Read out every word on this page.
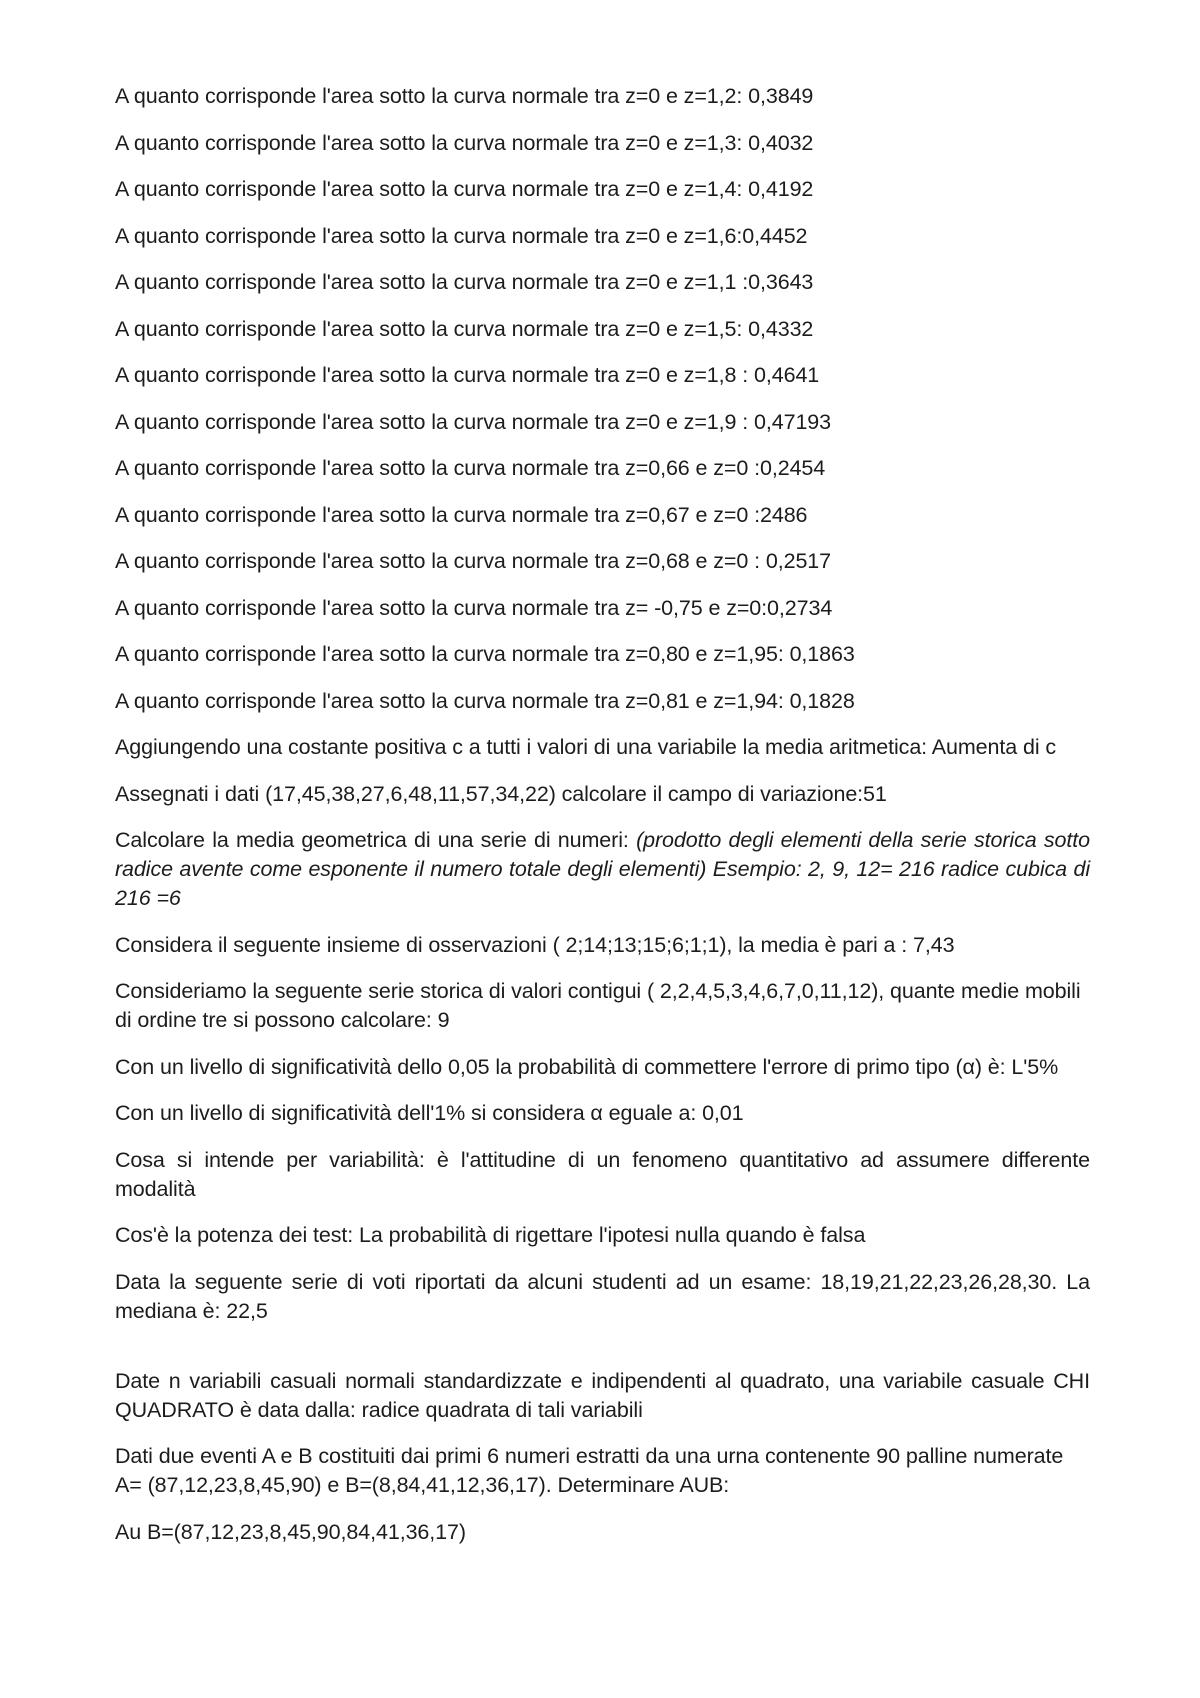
A quanto corrisponde l'area sotto la curva normale tra z=0 e z=1,2: 0,3849

A quanto corrisponde l'area sotto la curva normale tra z=0 e z=1,3: 0,4032

A quanto corrisponde l'area sotto la curva normale tra z=0 e z=1,4: 0,4192

A quanto corrisponde l'area sotto la curva normale tra z=0 e z=1,6:0,4452

A quanto corrisponde l'area sotto la curva normale tra z=0 e z=1,1 :0,3643

A quanto corrisponde l'area sotto la curva normale tra z=0 e z=1,5: 0,4332

A quanto corrisponde l'area sotto la curva normale tra z=0 e z=1,8 : 0,4641

A quanto corrisponde l'area sotto la curva normale tra z=0 e z=1,9 : 0,47193

A quanto corrisponde l'area sotto la curva normale tra z=0,66 e z=0 :0,2454

A quanto corrisponde l'area sotto la curva normale tra z=0,67 e z=0 :2486

A quanto corrisponde l'area sotto la curva normale tra z=0,68 e z=0 : 0,2517

A quanto corrisponde l'area sotto la curva normale tra z= -0,75 e z=0:0,2734

A quanto corrisponde l'area sotto la curva normale tra z=0,80 e z=1,95: 0,1863

A quanto corrisponde l'area sotto la curva normale tra z=0,81 e z=1,94: 0,1828

Aggiungendo una costante positiva c a tutti i valori di una variabile la media aritmetica: Aumenta di c

Assegnati i dati (17,45,38,27,6,48,11,57,34,22) calcolare il campo di variazione:51

Calcolare la media geometrica di una serie di numeri: (prodotto degli elementi della serie storica sotto radice avente come esponente il numero totale degli elementi) Esempio: 2, 9, 12= 216 radice cubica di 216 =6

Considera il seguente insieme di osservazioni ( 2;14;13;15;6;1;1), la media è pari a : 7,43

Consideriamo la seguente serie storica di valori contigui ( 2,2,4,5,3,4,6,7,0,11,12), quante medie mobili di ordine tre si possono calcolare: 9

Con un livello di significatività dello 0,05 la probabilità di commettere l'errore di primo tipo (α) è: L'5%

Con un livello di significatività dell'1% si considera α eguale a: 0,01

Cosa si intende per variabilità: è l'attitudine di un fenomeno quantitativo ad assumere differente modalità

Cos'è la potenza dei test: La probabilità di rigettare l'ipotesi nulla quando è falsa

Data la seguente serie di voti riportati da alcuni studenti ad un esame: 18,19,21,22,23,26,28,30. La mediana è: 22,5

Date n variabili casuali normali standardizzate e indipendenti al quadrato, una variabile casuale CHI QUADRATO è data dalla: radice quadrata di tali variabili

Dati due eventi A e B costituiti dai primi 6 numeri estratti da una urna contenente 90 palline numerate A= (87,12,23,8,45,90) e B=(8,84,41,12,36,17). Determinare AUB:

Au B=(87,12,23,8,45,90,84,41,36,17)
